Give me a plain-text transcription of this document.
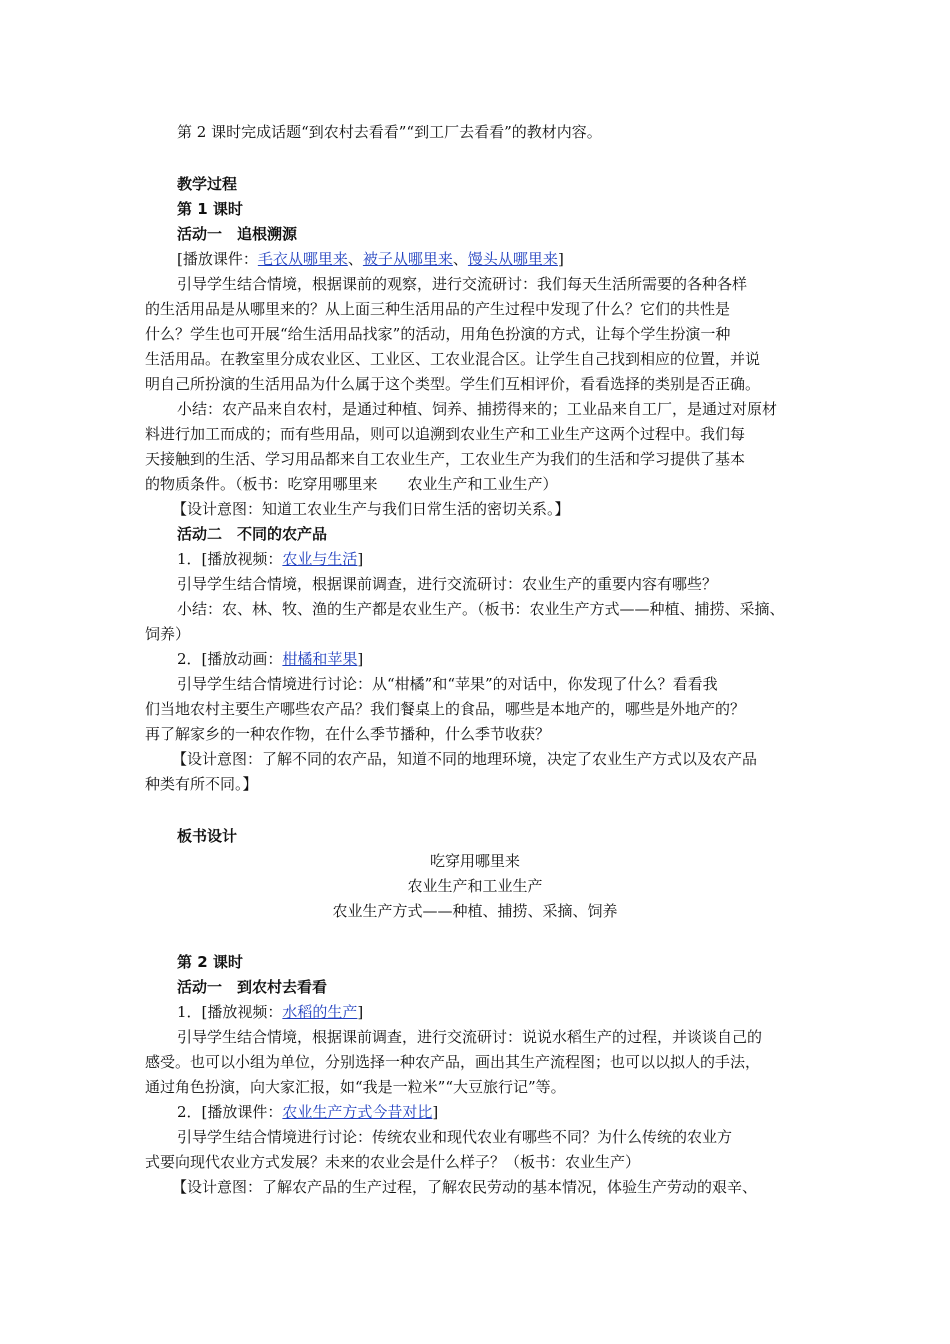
第 2 课时完成话题“到农村去看看”“到工厂去看看”的教材内容。
教学过程
第 1 课时
活动一　追根溯源
[播放课件：毛衣从哪里来、被子从哪里来、馒头从哪里来]
引导学生结合情境，根据课前的观察，进行交流研讨：我们每天生活所需要的各种各样
的生活用品是从哪里来的？从上面三种生活用品的产生过程中发现了什么？它们的共性是
什么？学生也可开展“给生活用品找家”的活动，用角色扮演的方式，让每个学生扮演一种
生活用品。在教室里分成农业区、工业区、工农业混合区。让学生自己找到相应的位置，并说
明自己所扮演的生活用品为什么属于这个类型。学生们互相评价，看看选择的类别是否正确。
小结：农产品来自农村，是通过种植、饲养、捕捞得来的；工业品来自工厂，是通过对原材
料进行加工而成的；而有些用品，则可以追溯到农业生产和工业生产这两个过程中。我们每
天接触到的生活、学习用品都来自工农业生产，工农业生产为我们的生活和学习提供了基本
的物质条件。（板书：吃穿用哪里来　　农业生产和工业生产）
【设计意图：知道工农业生产与我们日常生活的密切关系。】
活动二　不同的农产品
1．[播放视频：农业与生活]
引导学生结合情境，根据课前调查，进行交流研讨：农业生产的重要内容有哪些？
小结：农、林、牧、渔的生产都是农业生产。（板书：农业生产方式——种植、捕捞、采摘、
饲养）
2．[播放动画：柑橘和苹果]
引导学生结合情境进行讨论：从“柑橘”和“苹果”的对话中，你发现了什么？看看我
们当地农村主要生产哪些农产品？我们餐桌上的食品，哪些是本地产的，哪些是外地产的？
再了解家乡的一种农作物，在什么季节播种，什么季节收获？
【设计意图：了解不同的农产品，知道不同的地理环境，决定了农业生产方式以及农产品
种类有所不同。】
板书设计
吃穿用哪里来
农业生产和工业生产
农业生产方式——种植、捕捞、采摘、饲养
第 2 课时
活动一　到农村去看看
1．[播放视频：水稻的生产]
引导学生结合情境，根据课前调查，进行交流研讨：说说水稻生产的过程，并谈谈自己的
感受。也可以小组为单位，分别选择一种农产品，画出其生产流程图；也可以以拟人的手法，
通过角色扮演，向大家汇报，如“我是一粒米”“大豆旅行记”等。
2．[播放课件：农业生产方式今昔对比]
引导学生结合情境进行讨论：传统农业和现代农业有哪些不同？为什么传统的农业方
式要向现代农业方式发展？未来的农业会是什么样子？（板书：农业生产）
【设计意图：了解农产品的生产过程，了解农民劳动的基本情况，体验生产劳动的艰辛、
